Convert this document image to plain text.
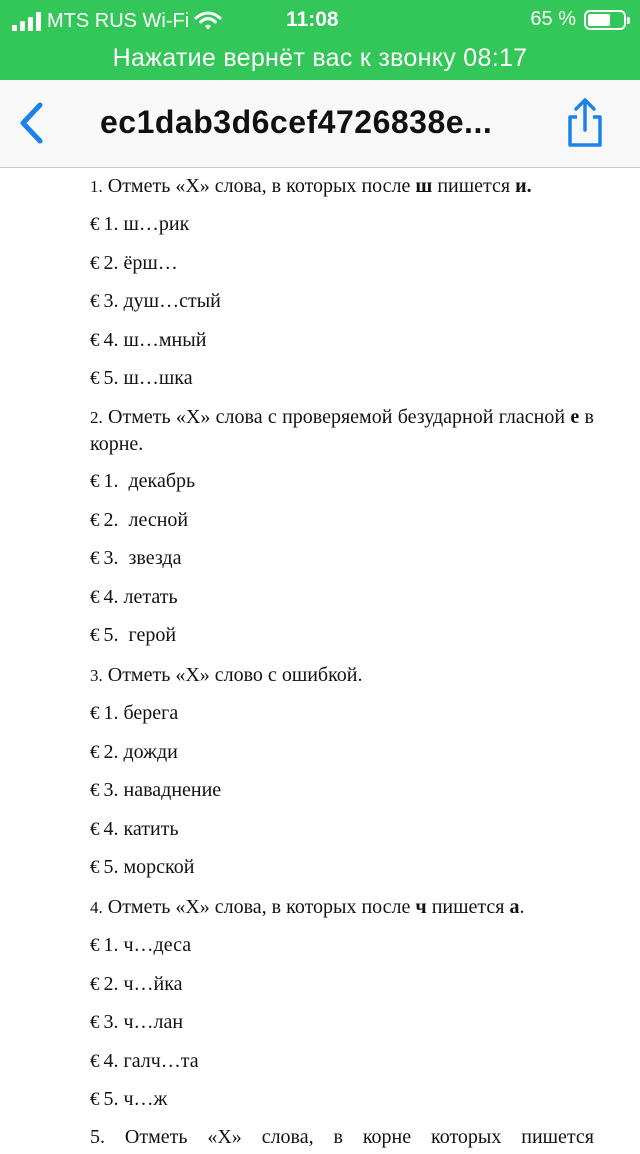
MTS RUS Wi-Fi	11:08	65 %
Нажатие вернёт вас к звонку 08:17
ec1dab3d6cef4726838e...
1. Отметь «Х» слова, в которых после ш пишется и.
€ 1. ш…рик
€ 2. ёрш…
€ 3. душ…стый
€ 4. ш…мный
€ 5. ш…шка
2. Отметь «Х» слова с проверяемой безударной гласной е в корне.
€ 1.  декабрь
€ 2.  лесной
€ 3.  звезда
€ 4. летать
€ 5.  герой
3. Отметь «Х» слово с ошибкой.
€ 1. берега
€ 2. дожди
€ 3. наваднение
€ 4. катить
€ 5. морской
4. Отметь «Х» слова, в которых после ч пишется а.
€ 1. ч…деса
€ 2. ч…йка
€ 3. ч…лан
€ 4. галч…та
€ 5. ч…ж
5. Отметь «Х» слова, в корне которых пишется
